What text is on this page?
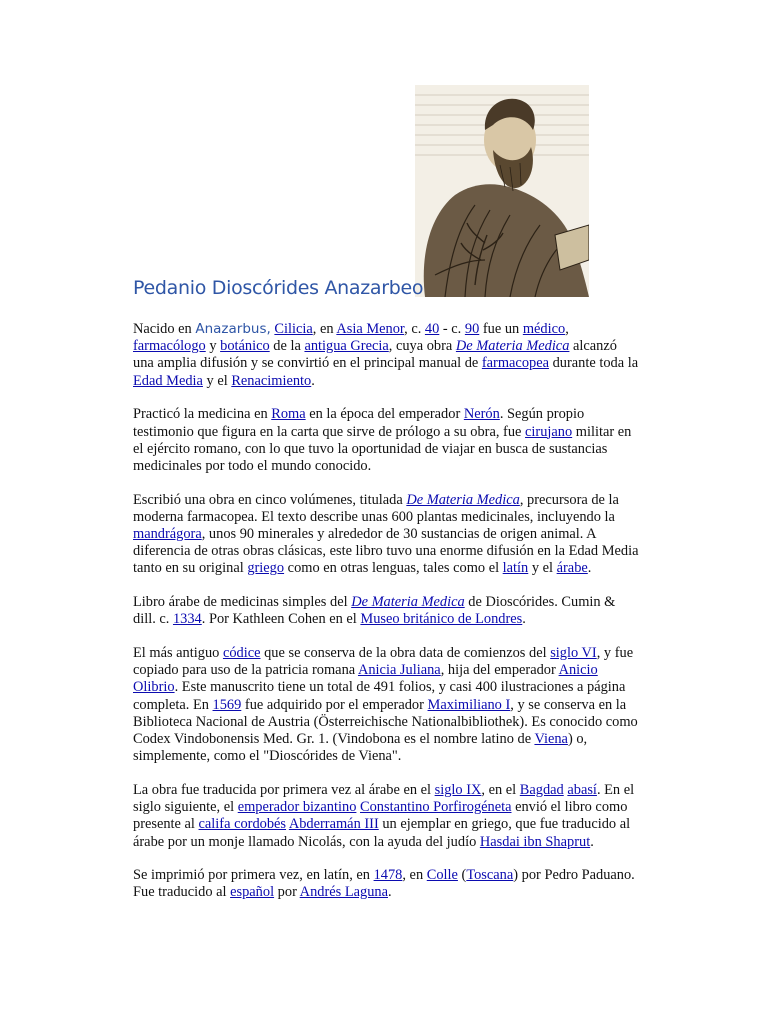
Pedanio Dioscórides Anazarbeo

Nacido en Anazarbus, Cilicia, en Asia Menor, c. 40 - c. 90 fue un médico, farmacólogo y botánico de la antigua Grecia, cuya obra De Materia Medica alcanzó una amplia difusión y se convirtió en el principal manual de farmacopea durante toda la Edad Media y el Renacimiento.

Practicó la medicina en Roma en la época del emperador Nerón. Según propio testimonio que figura en la carta que sirve de prólogo a su obra, fue cirujano militar en el ejército romano, con lo que tuvo la oportunidad de viajar en busca de sustancias medicinales por todo el mundo conocido.

Escribió una obra en cinco volúmenes, titulada De Materia Medica, precursora de la moderna farmacopea. El texto describe unas 600 plantas medicinales, incluyendo la mandrágora, unos 90 minerales y alrededor de 30 sustancias de origen animal. A diferencia de otras obras clásicas, este libro tuvo una enorme difusión en la Edad Media tanto en su original griego como en otras lenguas, tales como el latín y el árabe.

Libro árabe de medicinas simples del De Materia Medica de Dioscórides. Cumin & dill. c. 1334. Por Kathleen Cohen en el Museo británico de Londres.

El más antiguo códice que se conserva de la obra data de comienzos del siglo VI, y fue copiado para uso de la patricia romana Anicia Juliana, hija del emperador Anicio Olibrio. Este manuscrito tiene un total de 491 folios, y casi 400 ilustraciones a página completa. En 1569 fue adquirido por el emperador Maximiliano I, y se conserva en la Biblioteca Nacional de Austria (Österreichische Nationalbibliothek). Es conocido como Codex Vindobonensis Med. Gr. 1. (Vindobona es el nombre latino de Viena) o, simplemente, como el "Dioscórides de Viena".

La obra fue traducida por primera vez al árabe en el siglo IX, en el Bagdad abasí. En el siglo siguiente, el emperador bizantino Constantino Porfirogéneta envió el libro como presente al califa cordobés Abderramán III un ejemplar en griego, que fue traducido al árabe por un monje llamado Nicolás, con la ayuda del judío Hasdai ibn Shaprut.

Se imprimió por primera vez, en latín, en 1478, en Colle (Toscana) por Pedro Paduano. Fue traducido al español por Andrés Laguna.
